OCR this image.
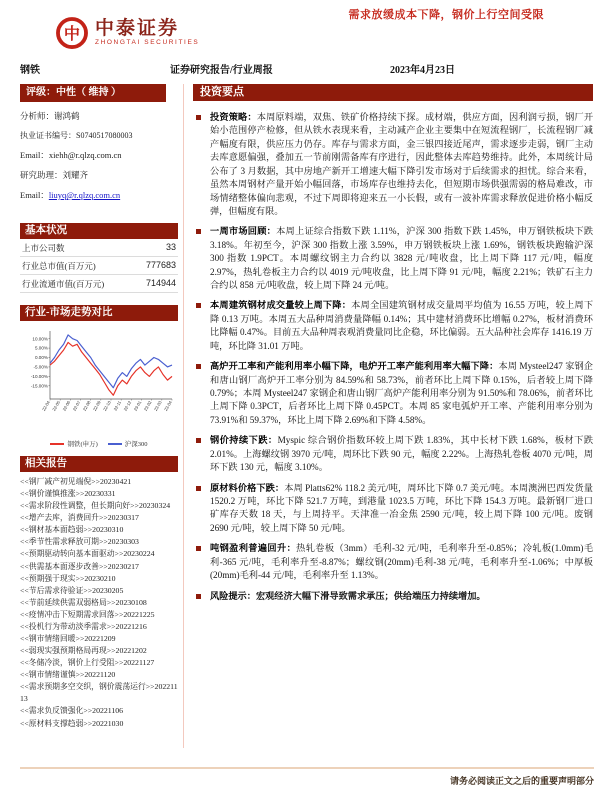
需求放缓成本下降，钢价上行空间受限
中 中泰证券
ZHONGTAI SECURITIES
钢铁	证券研究报告/行业周报	2023年4月23日
评级：中性（ 维持 ）

分析师：谢鸿鹤

执业证书编号：S0740517080003

Email：xiehh@r.qlzq.com.cn

研究助理：刘耀齐

Email：liuyq@r.qlzq.com.cn

基本状况
上市公司数	33
行业总市值(百万元)	777683
行业流通市值(百万元)	714944
行业-市场走势对比
10.00%
5.00%
0.00%
-5.00%
-10.00%
-15.00%
22-04 22-05 22-06 22-07 22-08 22-09 22-10 22-11 22-12 23-01 23-02 23-03 23-04
钢铁(申万)	沪深300
相关报告
<<钢厂减产初见端倪>>20230421
<<钢价谨慎推涨>>20230331
<<需求阶段性调整，但长期向好>>20230324
<<增产去库，消费回升>>20230317
<<钢材基本面趋弱>>20230310
<<季节性需求释放可期>>20230303
<<预期驱动转向基本面驱动>>20230224
<<供需基本面逐步改善>>20230217
<<预期强于现实>>20230210
<<节后需求待验证>>20230205
<<节前延续供需双弱格局>>20230108
<<疫情冲击下短期需求回落>>20221225
<<投机行为带动淡季需求>>20221216
<<钢市情绪回暖>>20221209
<<弱现实强预期格局再现>>20221202
<<冬储冷淡，钢价上行受阻>>20221127
<<钢市情绪谨慎>>20221120
<<需求预期多空交织，钢价震荡运行>>20221113
<<需求负反馈强化>>20221106
<<原材料支撑趋弱>>20221030
投资要点
投资策略：本周原料端，双焦、铁矿价格持续下探。成材端，供应方面，因利润亏损，钢厂开始小范围停产检修，但从铁水表现来看，主动减产企业主要集中在短流程钢厂，长流程钢厂减产幅度有限，供应压力仍存。库存与需求方面，金三银四接近尾声，需求逐步走弱，钢厂主动去库意愿偏强，叠加五一节前刚需备库有序进行，因此整体去库趋势维持。此外，本周统计局公布了 3 月数据，其中房地产新开工增速大幅下降引发市场对于后续需求的担忧。综合来看，虽然本周钢材产量开始小幅回落，市场库存也维持去化，但短期市场供强需弱的格局难改，市场情绪整体偏向悲观，不过下周即将迎来五一小长假，或有一波补库需求释放促进价格小幅反弹，但幅度有限。
一周市场回顾：本周上证综合指数下跌 1.11%，沪深 300 指数下跌 1.45%，申万钢铁板块下跌 3.18%。年初至今，沪深 300 指数上涨 3.59%，申万钢铁板块上涨 1.69%，钢铁板块跑输沪深 300 指数 1.9PCT。本周螺纹钢主力合约以 3828 元/吨收盘，比上周下降 117 元/吨，幅度 2.97%，热轧卷板主力合约以 4019 元/吨收盘，比上周下降 91 元/吨，幅度 2.21%；铁矿石主力合约以 858 元/吨收盘，较上周下降 24 元/吨。
本周建筑钢材成交量较上周下降：本周全国建筑钢材成交量周平均值为 16.55 万吨，较上周下降 0.13 万吨。本周五大品种周消费量降幅 0.14%；其中建材消费环比增幅 0.27%，板材消费环比降幅 0.47%。目前五大品种周表观消费量同比企稳，环比偏弱。五大品种社会库存 1416.19 万吨，环比降 31.01 万吨。
高炉开工率和产能利用率小幅下降，电炉开工率产能利用率大幅下降：本周 Mysteel247 家钢企和唐山钢厂高炉开工率分别为 84.59%和 58.73%，前者环比上周下降 0.15%，后者较上周下降 0.79%；本周 Mysteel247 家钢企和唐山钢厂高炉产能利用率分别为 91.50%和 78.06%，前者环比上周下降 0.3PCT，后者环比上周下降 0.45PCT。本周 85 家电弧炉开工率、产能利用率分别为 73.91%和 59.37%，环比上周下降 2.69%和下降 4.58%。
钢价持续下跌：Myspic 综合钢价指数环较上周下跌 1.83%，其中长材下跌 1.68%，板材下跌 2.01%。上海螺纹钢 3970 元/吨，周环比下跌 90 元，幅度 2.22%。上海热轧卷板 4070 元/吨，周环下跌 130 元，幅度 3.10%。
原材料价格下跌：本周 Platts62% 118.2 美元/吨，周环比下降 0.7 美元/吨。本周澳洲巴西发货量 1520.2 万吨，环比下降 521.7 万吨，到港量 1023.5 万吨，环比下降 154.3 万吨。最新钢厂进口矿库存天数 18 天，与上周持平。天津准一冶金焦 2590 元/吨，较上周下降 100 元/吨。废钢 2690 元/吨，较上周下降 50 元/吨。
吨钢盈利普遍回升：热轧卷板（3mm）毛利-32 元/吨，毛利率升至-0.85%；冷轧板(1.0mm)毛利-365 元/吨，毛利率升至-8.87%；螺纹钢(20mm)毛利-38 元/吨，毛利率升至-1.06%；中厚板(20mm)毛利-44 元/吨，毛利率升至 1.13%。
风险提示：宏观经济大幅下滑导致需求承压；供给端压力持续增加。
请务必阅读正文之后的重要声明部分
